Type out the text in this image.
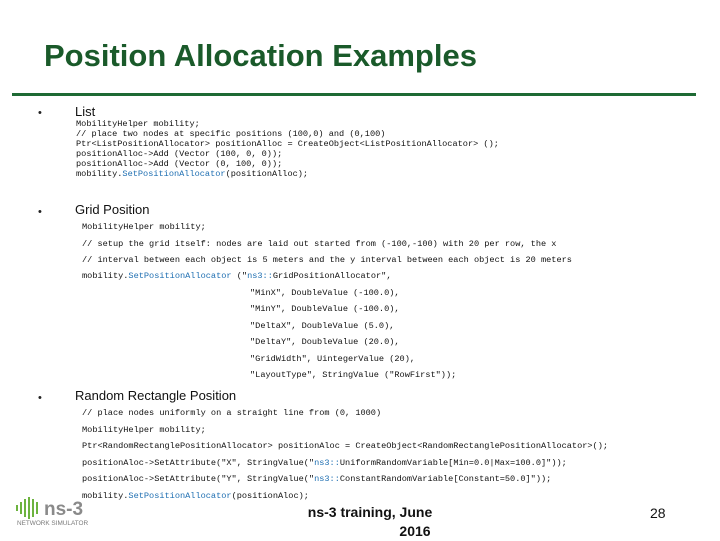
Position Allocation Examples
•	List
MobilityHelper mobility;
// place two nodes at specific positions (100,0) and (0,100)
Ptr<ListPositionAllocator> positionAlloc = CreateObject<ListPositionAllocator> ();
positionAlloc->Add (Vector (100, 0, 0));
positionAlloc->Add (Vector (0, 100, 0));
mobility.SetPositionAllocator(positionAlloc);
•	Grid Position
MobilityHelper mobility;
// setup the grid itself: nodes are laid out started from (-100,-100) with 20 per row, the x
// interval between each object is 5 meters and the y interval between each object is 20 meters
mobility.SetPositionAllocator ("ns3::GridPositionAllocator",
"MinX", DoubleValue (-100.0),
"MinY", DoubleValue (-100.0),
"DeltaX", DoubleValue (5.0),
"DeltaY", DoubleValue (20.0),
"GridWidth", UintegerValue (20),
"LayoutType", StringValue ("RowFirst"));
•	Random Rectangle Position
// place nodes uniformly on a straight line from (0, 1000)
MobilityHelper mobility;
Ptr<RandomRectanglePositionAllocator> positionAloc = CreateObject<RandomRectanglePositionAllocator>();
positionAloc->SetAttribute("X", StringValue("ns3::UniformRandomVariable[Min=0.0|Max=100.0]"));
positionAloc->SetAttribute("Y", StringValue("ns3::ConstantRandomVariable[Constant=50.0]"));
mobility.SetPositionAllocator(positionAloc);
ns-3
NETWORK SIMULATOR
ns-3 training, June
2016
28
